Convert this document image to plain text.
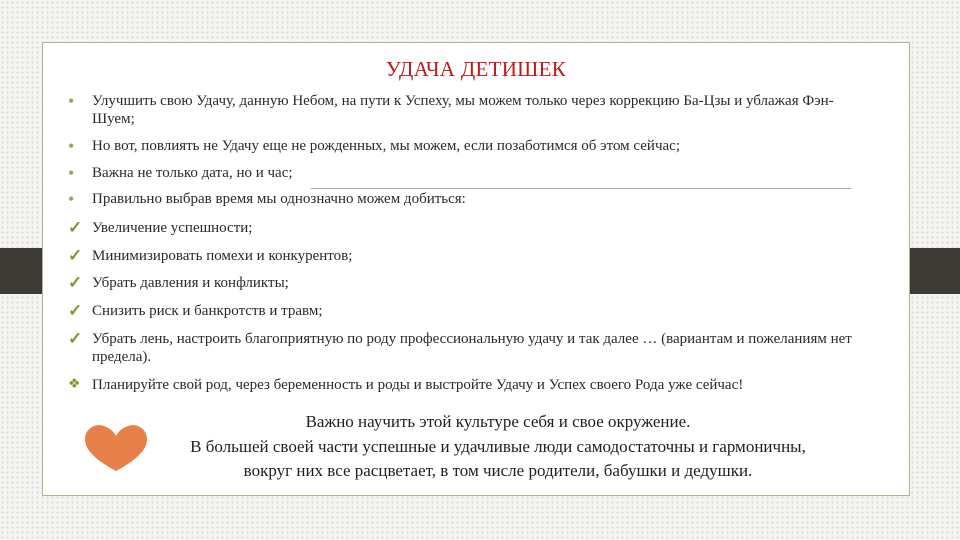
УДАЧА ДЕТИШЕК
•	Улучшить свою Удачу, данную Небом, на пути к Успеху, мы можем только через коррекцию Ба-Цзы и ублажая Фэн-Шуем;
•	Но вот, повлиять не Удачу еще не рожденных, мы можем, если позаботимся об этом сейчас;
•	Важна не только дата, но и час;
•	Правильно выбрав время мы однозначно можем добиться:
✓ Увеличение успешности;
✓ Минимизировать помехи и конкурентов;
✓ Убрать давления и конфликты;
✓ Снизить риск и банкротств и травм;
✓ Убрать лень, настроить благоприятную по роду профессиональную удачу и так далее … (вариантам и пожеланиям нет предела).
❖ Планируйте свой род, через беременность и роды и выстройте Удачу и Успех своего Рода уже сейчас!
Важно научить этой культуре себя и свое окружение.
В большей своей части успешные и удачливые люди самодостаточны и гармоничны,
вокруг них все расцветает, в том числе родители, бабушки и дедушки.
